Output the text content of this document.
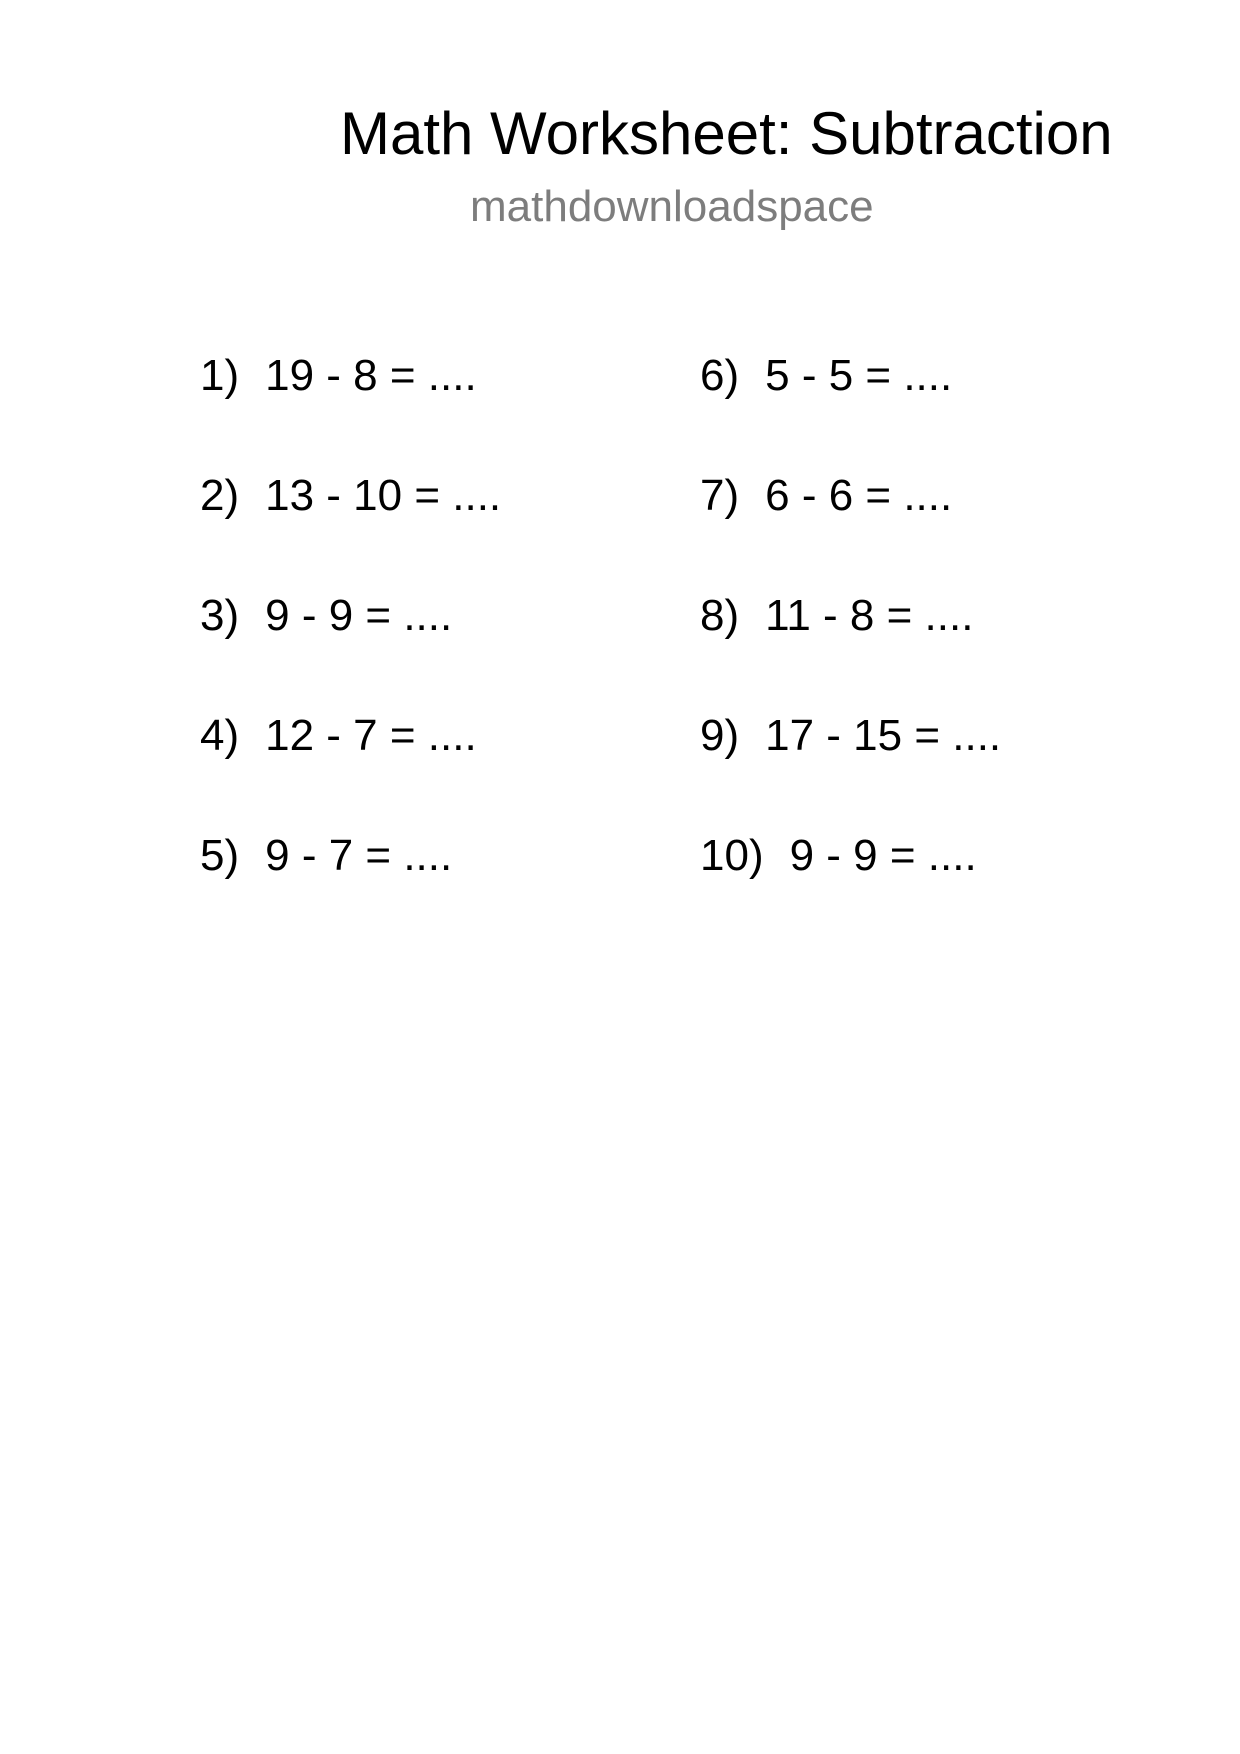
Math Worksheet: Subtraction
mathdownloadspace
1) 19 - 8 = ....
2) 13 - 10 = ....
3) 9 - 9 = ....
4) 12 - 7 = ....
5) 9 - 7 = ....
6) 5 - 5 = ....
7) 6 - 6 = ....
8) 11 - 8 = ....
9) 17 - 15 = ....
10) 9 - 9 = ....
